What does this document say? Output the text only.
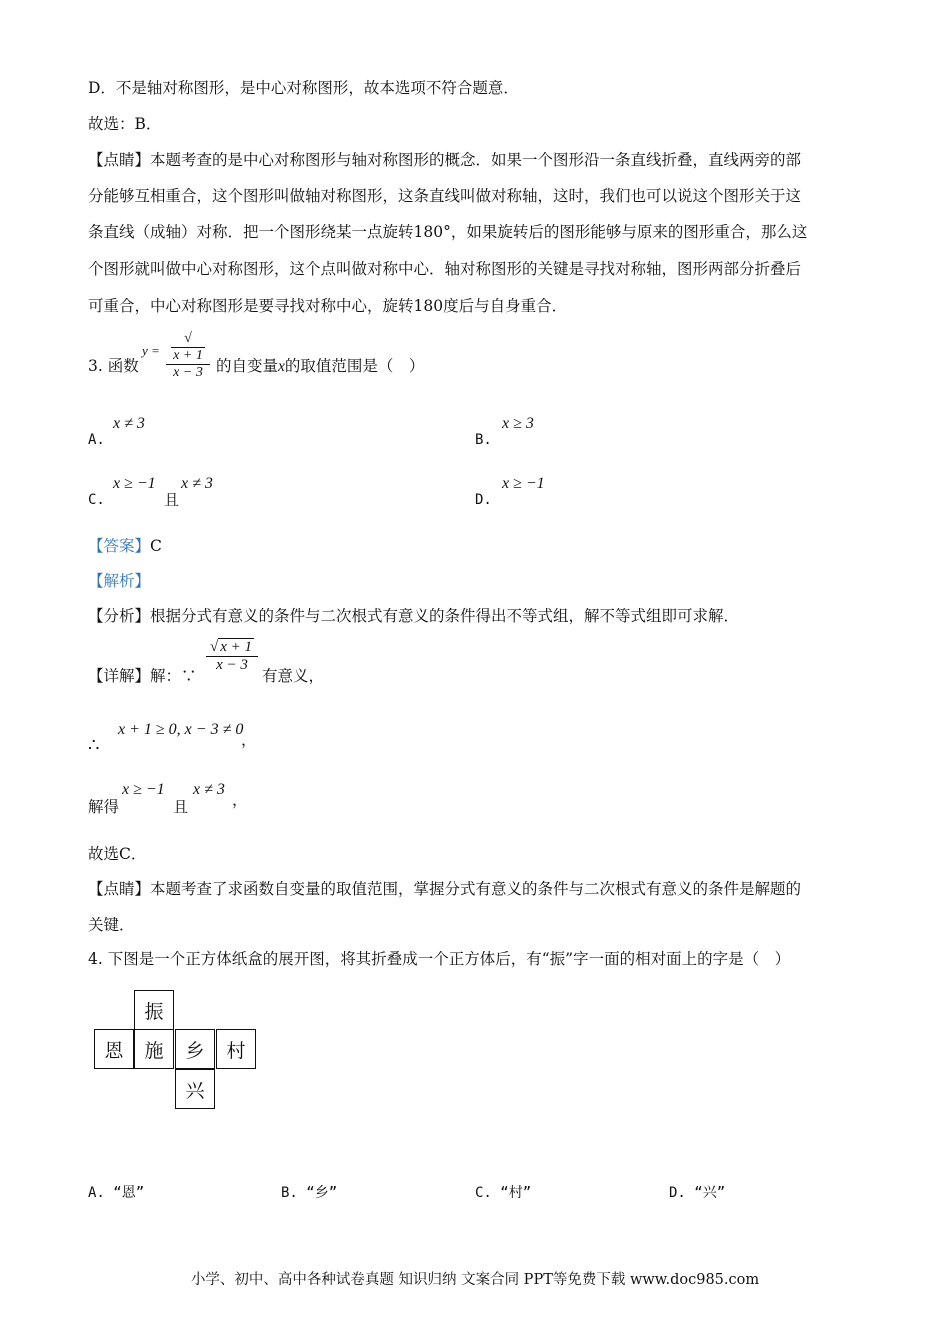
D．不是轴对称图形，是中心对称图形，故本选项不符合题意．
故选：B．
【点睛】本题考查的是中心对称图形与轴对称图形的概念．如果一个图形沿一条直线折叠，直线两旁的部
分能够互相重合，这个图形叫做轴对称图形，这条直线叫做对称轴，这时，我们也可以说这个图形关于这
条直线（成轴）对称．把一个图形绕某一点旋转180°，如果旋转后的图形能够与原来的图形重合，那么这
个图形就叫做中心对称图形，这个点叫做对称中心．轴对称图形的关键是寻找对称轴，图形两部分折叠后
可重合，中心对称图形是要寻找对称中心，旋转180度后与自身重合．
3. 函数
y =
√x + 1
x − 3 的自变量x的取值范围是（　）
A.
x ≠ 3
B.
x ≥ 3
C.
x ≥ −1
且
x ≠ 3
D.
x ≥ −1
【答案】C
【解析】
【分析】根据分式有意义的条件与二次根式有意义的条件得出不等式组，解不等式组即可求解．
【详解】解：∵
√ x + 1
x − 3
有意义，
∴
x + 1 ≥ 0, x − 3 ≠ 0
，
解得
x ≥ −1
且
x ≠ 3
，
故选C．
【点睛】本题考查了求函数自变量的取值范围，掌握分式有意义的条件与二次根式有意义的条件是解题的
关键．
4. 下图是一个正方体纸盒的展开图，将其折叠成一个正方体后，有“振”字一面的相对面上的字是（　）
振
恩	施	乡	村
兴
A. “恩”	B. “乡”	C. “村”	D. “兴”
小学、初中、高中各种试卷真题 知识归纳 文案合同 PPT等免费下载 www.doc985.com
